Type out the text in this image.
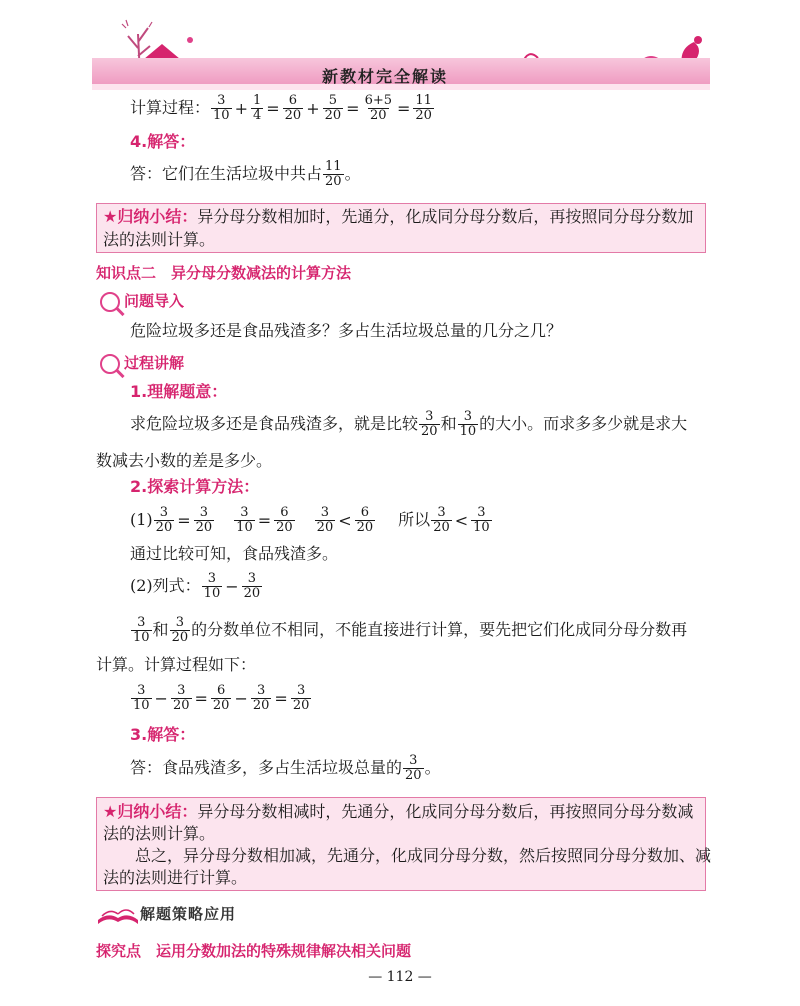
新教材完全解读
计算过程： $\frac{3}{10} + \frac{1}{4} = \frac{6}{20} + \frac{5}{20} = \frac{6+5}{20} = \frac{11}{20}$
4.解答：
答：它们在生活垃圾中共占 $\frac{11}{20}$ 。
★归纳小结：异分母分数相加时，先通分，化成同分母分数后，再按照同分母分数加
法的法则计算。
知识点二　异分母分数减法的计算方法
问题导入
危险垃圾多还是食品残渣多？多占生活垃圾总量的几分之几？
过程讲解
1.理解题意：
求危险垃圾多还是食品残渣多，就是比较 $\frac{3}{20}$ 和 $\frac{3}{10}$ 的大小。而求多多少就是求大
数减去小数的差是多少。
2.探索计算方法：
$(1) \frac{3}{20} = \frac{3}{20} \frac{3}{10} = \frac{6}{20} \frac{3}{20} < \frac{6}{20}$ 所以 $\frac{3}{20} < \frac{3}{10}$
通过比较可知，食品残渣多。
(2)列式： $\frac{3}{10} - \frac{3}{20}$
$\frac{3}{10}$ 和 $\frac{3}{20}$ 的分数单位不相同，不能直接进行计算，要先把它们化成同分母分数再
计算。计算过程如下：
$\frac{3}{10} - \frac{3}{20} = \frac{6}{20} - \frac{3}{20} = \frac{3}{20}$
3.解答：
答：食品残渣多，多占生活垃圾总量的 $\frac{3}{20}$ 。
★归纳小结：异分母分数相减时，先通分，化成同分母分数后，再按照同分母分数减
法的法则计算。
总之，异分母分数相加减，先通分，化成同分母分数，然后按照同分母分数加、减
法的法则进行计算。
解题策略应用
探究点　运用分数加法的特殊规律解决相关问题
— 112 —
